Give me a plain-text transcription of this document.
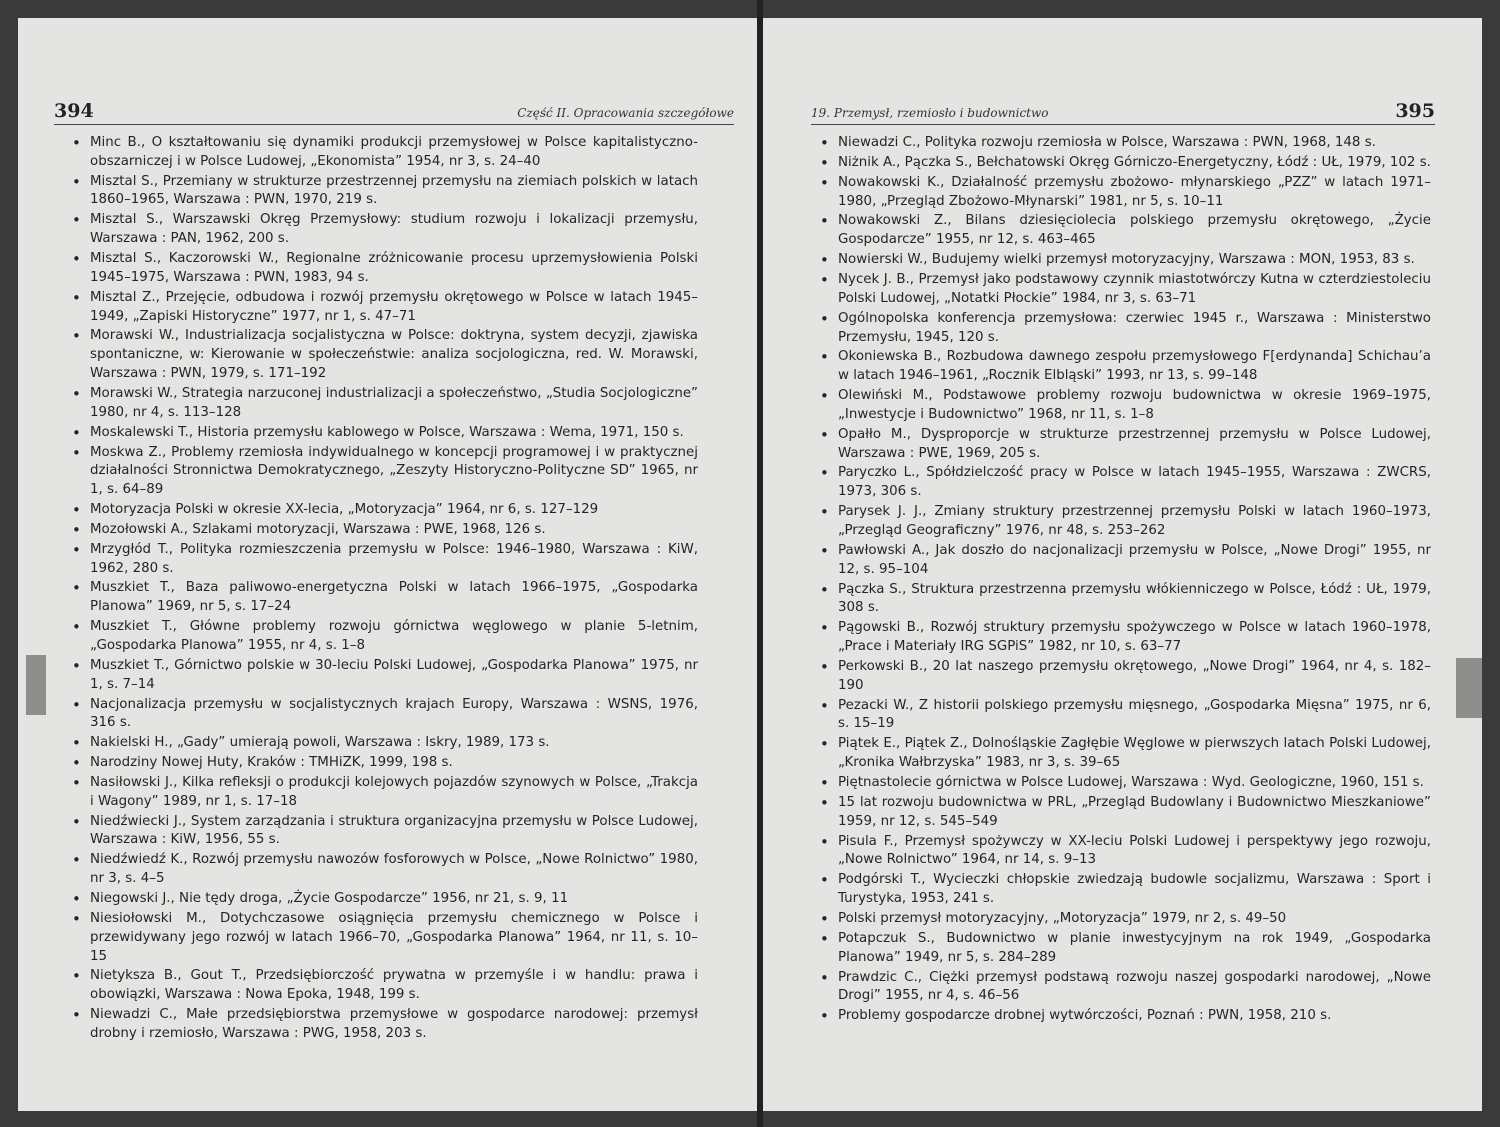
394	Część II. Opracowania szczegółowe
• Minc B., O kształtowaniu się dynamiki produkcji przemysłowej w Polsce kapitalistyczno-obszarniczej i w Polsce Ludowej, „Ekonomista” 1954, nr 3, s. 24–40
• Misztal S., Przemiany w strukturze przestrzennej przemysłu na ziemiach polskich w latach 1860–1965, Warszawa : PWN, 1970, 219 s.
• Misztal S., Warszawski Okręg Przemysłowy: studium rozwoju i lokalizacji przemysłu, Warszawa : PAN, 1962, 200 s.
• Misztal S., Kaczorowski W., Regionalne zróżnicowanie procesu uprzemysłowienia Polski 1945–1975, Warszawa : PWN, 1983, 94 s.
• Misztal Z., Przejęcie, odbudowa i rozwój przemysłu okrętowego w Polsce w latach 1945–1949, „Zapiski Historyczne” 1977, nr 1, s. 47–71
• Morawski W., Industrializacja socjalistyczna w Polsce: doktryna, system decyzji, zjawiska spontaniczne, w: Kierowanie w społeczeństwie: analiza socjologiczna, red. W. Morawski, Warszawa : PWN, 1979, s. 171–192
• Morawski W., Strategia narzuconej industrializacji a społeczeństwo, „Studia Socjologiczne” 1980, nr 4, s. 113–128
• Moskalewski T., Historia przemysłu kablowego w Polsce, Warszawa : Wema, 1971, 150 s.
• Moskwa Z., Problemy rzemiosła indywidualnego w koncepcji programowej i w praktycznej działalności Stronnictwa Demokratycznego, „Zeszyty Historyczno-Polityczne SD” 1965, nr 1, s. 64–89
• Motoryzacja Polski w okresie XX-lecia, „Motoryzacja” 1964, nr 6, s. 127–129
• Mozołowski A., Szlakami motoryzacji, Warszawa : PWE, 1968, 126 s.
• Mrzygłód T., Polityka rozmieszczenia przemysłu w Polsce: 1946–1980, Warszawa : KiW, 1962, 280 s.
• Muszkiet T., Baza paliwowo-energetyczna Polski w latach 1966–1975, „Gospodarka Planowa” 1969, nr 5, s. 17–24
• Muszkiet T., Główne problemy rozwoju górnictwa węglowego w planie 5-letnim, „Gospodarka Planowa” 1955, nr 4, s. 1–8
• Muszkiet T., Górnictwo polskie w 30-leciu Polski Ludowej, „Gospodarka Planowa” 1975, nr 1, s. 7–14
• Nacjonalizacja przemysłu w socjalistycznych krajach Europy, Warszawa : WSNS, 1976, 316 s.
• Nakielski H., „Gady” umierają powoli, Warszawa : Iskry, 1989, 173 s.
• Narodziny Nowej Huty, Kraków : TMHiZK, 1999, 198 s.
• Nasiłowski J., Kilka refleksji o produkcji kolejowych pojazdów szynowych w Polsce, „Trakcja i Wagony” 1989, nr 1, s. 17–18
• Niedźwiecki J., System zarządzania i struktura organizacyjna przemysłu w Polsce Ludowej, Warszawa : KiW, 1956, 55 s.
• Niedźwiedź K., Rozwój przemysłu nawozów fosforowych w Polsce, „Nowe Rolnictwo” 1980, nr 3, s. 4–5
• Niegowski J., Nie tędy droga, „Życie Gospodarcze” 1956, nr 21, s. 9, 11
• Niesiołowski M., Dotychczasowe osiągnięcia przemysłu chemicznego w Polsce i przewidywany jego rozwój w latach 1966–70, „Gospodarka Planowa” 1964, nr 11, s. 10–15
• Nietyksza B., Gout T., Przedsiębiorczość prywatna w przemyśle i w handlu: prawa i obowiązki, Warszawa : Nowa Epoka, 1948, 199 s.
• Niewadzi C., Małe przedsiębiorstwa przemysłowe w gospodarce narodowej: przemysł drobny i rzemiosło, Warszawa : PWG, 1958, 203 s.
19. Przemysł, rzemiosło i budownictwo	395
• Niewadzi C., Polityka rozwoju rzemiosła w Polsce, Warszawa : PWN, 1968, 148 s.
• Niżnik A., Pączka S., Bełchatowski Okręg Górniczo-Energetyczny, Łódź : UŁ, 1979, 102 s.
• Nowakowski K., Działalność przemysłu zbożowo- młynarskiego „PZZ” w latach 1971–1980, „Przegląd Zbożowo-Młynarski” 1981, nr 5, s. 10–11
• Nowakowski Z., Bilans dziesięciolecia polskiego przemysłu okrętowego, „Życie Gospodarcze” 1955, nr 12, s. 463–465
• Nowierski W., Budujemy wielki przemysł motoryzacyjny, Warszawa : MON, 1953, 83 s.
• Nycek J. B., Przemysł jako podstawowy czynnik miastotwórczy Kutna w czterdziestoleciu Polski Ludowej, „Notatki Płockie” 1984, nr 3, s. 63–71
• Ogólnopolska konferencja przemysłowa: czerwiec 1945 r., Warszawa : Ministerstwo Przemysłu, 1945, 120 s.
• Okoniewska B., Rozbudowa dawnego zespołu przemysłowego F[erdynanda] Schichau’a w latach 1946–1961, „Rocznik Elbląski” 1993, nr 13, s. 99–148
• Olewiński M., Podstawowe problemy rozwoju budownictwa w okresie 1969–1975, „Inwestycje i Budownictwo” 1968, nr 11, s. 1–8
• Opałło M., Dysproporcje w strukturze przestrzennej przemysłu w Polsce Ludowej, Warszawa : PWE, 1969, 205 s.
• Paryczko L., Spółdzielczość pracy w Polsce w latach 1945–1955, Warszawa : ZWCRS, 1973, 306 s.
• Parysek J. J., Zmiany struktury przestrzennej przemysłu Polski w latach 1960–1973, „Przegląd Geograficzny” 1976, nr 48, s. 253–262
• Pawłowski A., Jak doszło do nacjonalizacji przemysłu w Polsce, „Nowe Drogi” 1955, nr 12, s. 95–104
• Pączka S., Struktura przestrzenna przemysłu włókienniczego w Polsce, Łódź : UŁ, 1979, 308 s.
• Pągowski B., Rozwój struktury przemysłu spożywczego w Polsce w latach 1960–1978, „Prace i Materiały IRG SGPiS” 1982, nr 10, s. 63–77
• Perkowski B., 20 lat naszego przemysłu okrętowego, „Nowe Drogi” 1964, nr 4, s. 182–190
• Pezacki W., Z historii polskiego przemysłu mięsnego, „Gospodarka Mięsna” 1975, nr 6, s. 15–19
• Piątek E., Piątek Z., Dolnośląskie Zagłębie Węglowe w pierwszych latach Polski Ludowej, „Kronika Wałbrzyska” 1983, nr 3, s. 39–65
• Piętnastolecie górnictwa w Polsce Ludowej, Warszawa : Wyd. Geologiczne, 1960, 151 s.
• 15 lat rozwoju budownictwa w PRL, „Przegląd Budowlany i Budownictwo Mieszkaniowe” 1959, nr 12, s. 545–549
• Pisula F., Przemysł spożywczy w XX-leciu Polski Ludowej i perspektywy jego rozwoju, „Nowe Rolnictwo” 1964, nr 14, s. 9–13
• Podgórski T., Wycieczki chłopskie zwiedzają budowle socjalizmu, Warszawa : Sport i Turystyka, 1953, 241 s.
• Polski przemysł motoryzacyjny, „Motoryzacja” 1979, nr 2, s. 49–50
• Potapczuk S., Budownictwo w planie inwestycyjnym na rok 1949, „Gospodarka Planowa” 1949, nr 5, s. 284–289
• Prawdzic C., Ciężki przemysł podstawą rozwoju naszej gospodarki narodowej, „Nowe Drogi” 1955, nr 4, s. 46–56
• Problemy gospodarcze drobnej wytwórczości, Poznań : PWN, 1958, 210 s.
